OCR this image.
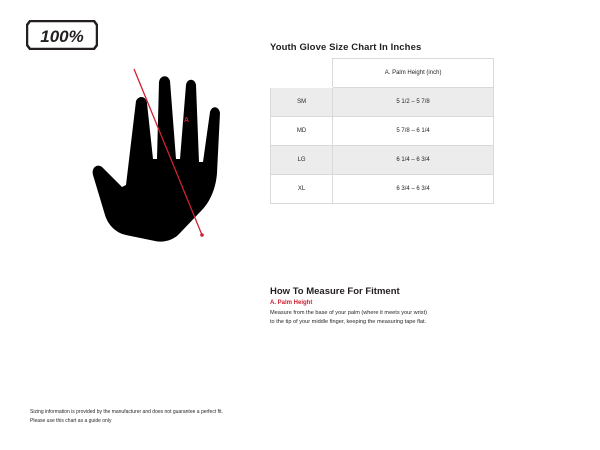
100%
A
Youth Glove Size Chart In Inches
	A. Palm Height (inch)
SM	5 1/2 – 5 7/8
MD	5 7/8 – 6 1/4
LG	6 1/4 – 6 3/4
XL	6 3/4 – 6 3/4
How To Measure For Fitment
A. Palm Height
Measure from the base of your palm (where it meets your wrist) to the tip of your middle finger, keeping the measuring tape flat.
Sizing information is provided by the manufacturer and does not guarantee a perfect fit.
Please use this chart as a guide only
